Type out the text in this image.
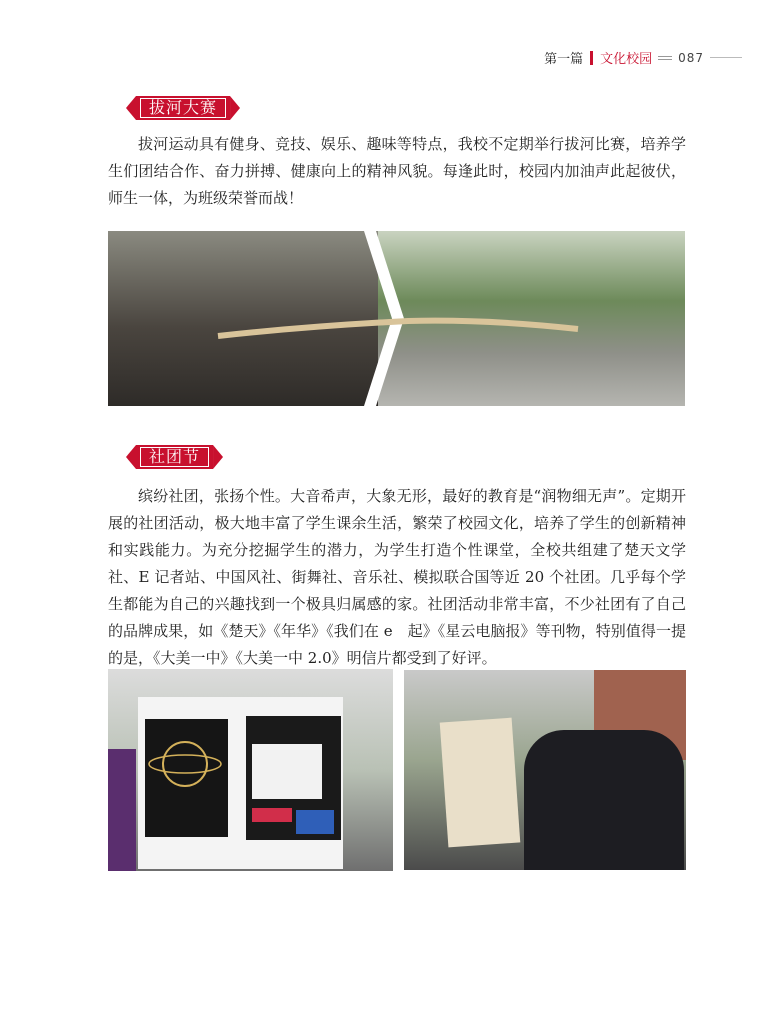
第一篇 文化校园 087
拔河大赛

拔河运动具有健身、竞技、娱乐、趣味等特点，我校不定期举行拔河比赛，培养学生们团结合作、奋力拼搏、健康向上的精神风貌。每逢此时，校园内加油声此起彼伏，师生一体，为班级荣誉而战！

社团节

缤纷社团，张扬个性。大音希声，大象无形，最好的教育是“润物细无声”。定期开展的社团活动，极大地丰富了学生课余生活，繁荣了校园文化，培养了学生的创新精神和实践能力。为充分挖掘学生的潜力，为学生打造个性课堂，全校共组建了楚天文学社、E 记者站、中国风社、街舞社、音乐社、模拟联合国等近 20 个社团。几乎每个学生都能为自己的兴趣找到一个极具归属感的家。社团活动非常丰富，不少社团有了自己的品牌成果，如《楚天》《年华》《我们在 e　起》《星云电脑报》等刊物，特别值得一提的是，《大美一中》《大美一中 2.0》明信片都受到了好评。
